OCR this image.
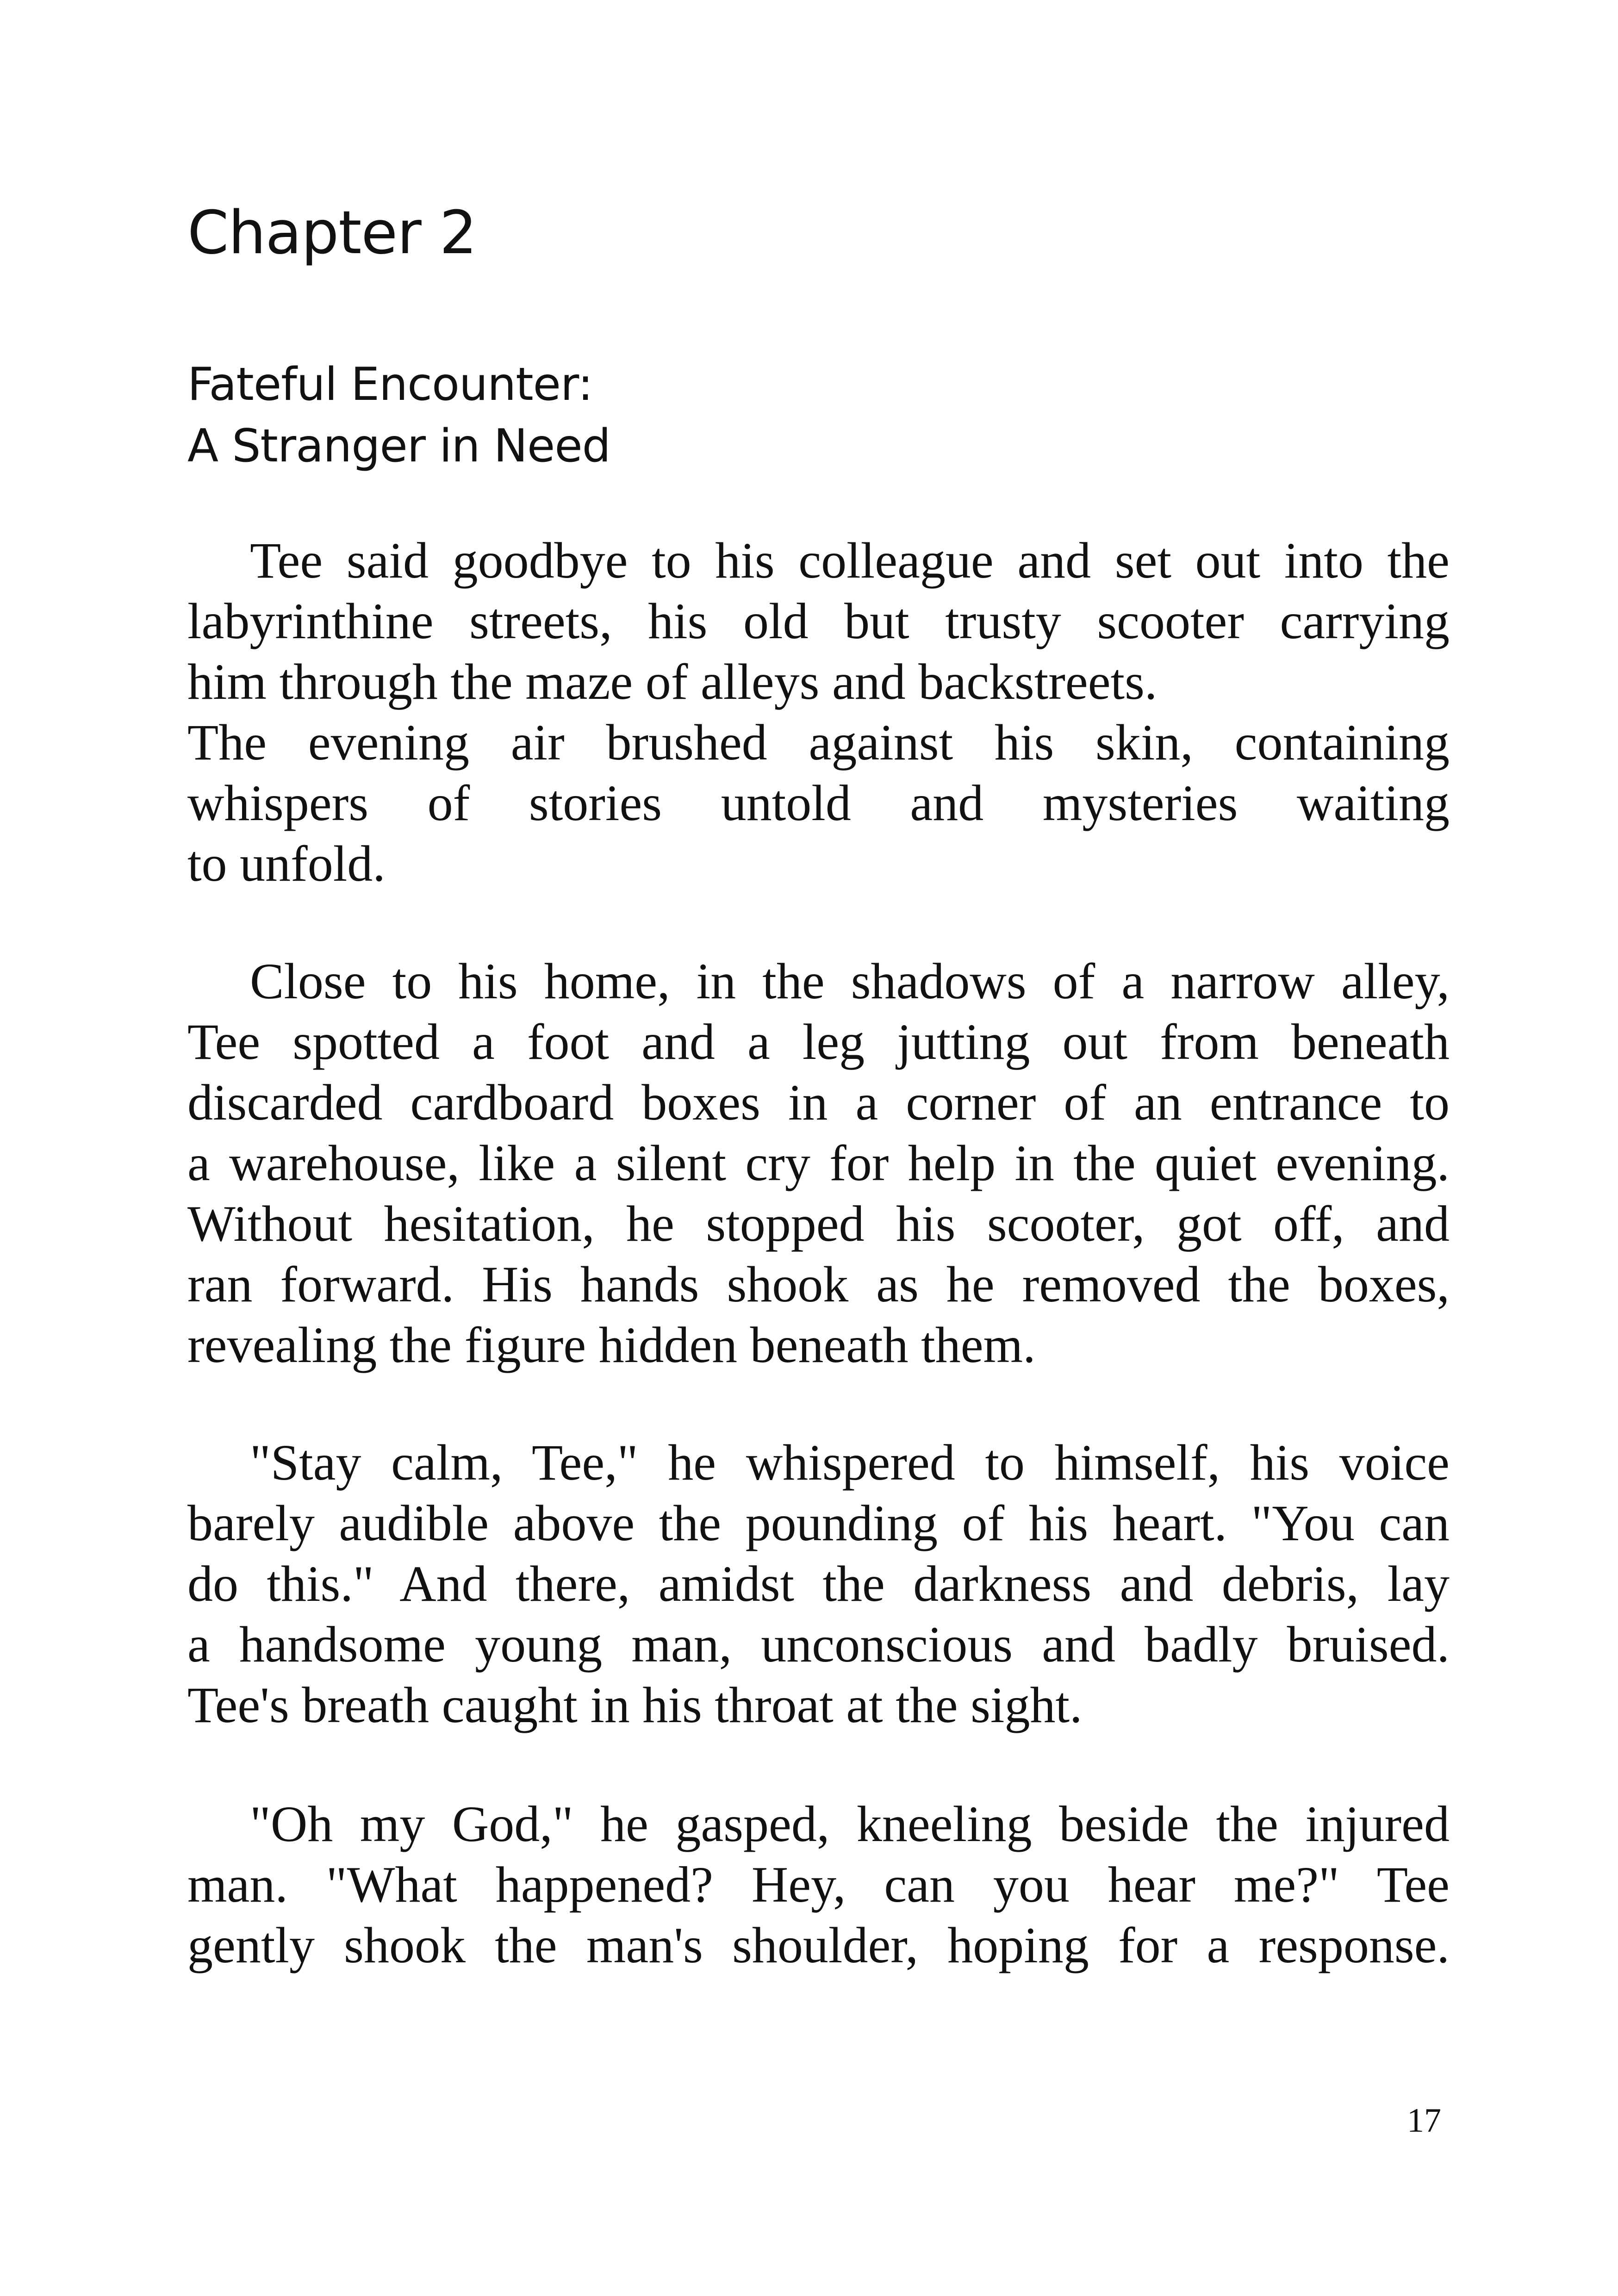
Chapter 2
Fateful Encounter:
A Stranger in Need
Tee said goodbye to his colleague and set out into the
labyrinthine streets, his old but trusty scooter carrying
him through the maze of alleys and backstreets.
The evening air brushed against his skin, containing
whispers of stories untold and mysteries waiting
to unfold.
Close to his home, in the shadows of a narrow alley,
Tee spotted a foot and a leg jutting out from beneath
discarded cardboard boxes in a corner of an entrance to
a warehouse, like a silent cry for help in the quiet evening.
Without hesitation, he stopped his scooter, got off, and
ran forward. His hands shook as he removed the boxes,
revealing the figure hidden beneath them.
"Stay calm, Tee," he whispered to himself, his voice
barely audible above the pounding of his heart. "You can
do this." And there, amidst the darkness and debris, lay
a handsome young man, unconscious and badly bruised.
Tee's breath caught in his throat at the sight.
"Oh my God," he gasped, kneeling beside the injured
man. "What happened? Hey, can you hear me?" Tee
gently shook the man's shoulder, hoping for a response.
17
